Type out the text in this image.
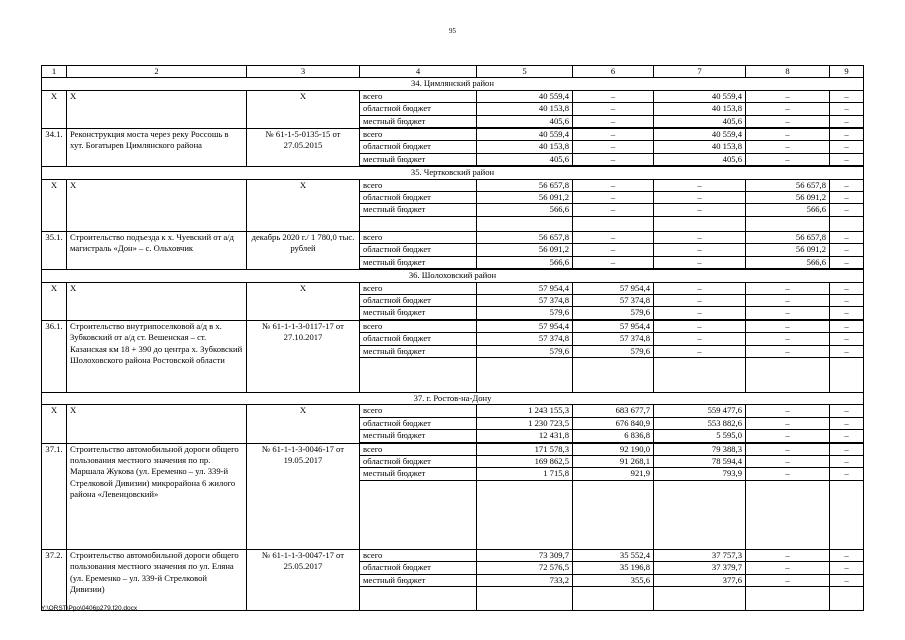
95
1	2	3	4	5	6	7	8	9
34. Цимлянский район								
Х	Х	Х	всего	40 559,4	–	40 559,4	–	–
			областной бюджет	40 153,8	–	40 153,8	–	–
			местный бюджет	405,6	–	405,6	–	–

34.1.	Реконструкция моста через реку Россошь в хут. Богатырев Цимлянского района	№ 61-1-5-0135-15 от 27.05.2015	всего	40 559,4	–	40 559,4	–	–
			областной бюджет	40 153,8	–	40 153,8	–	–
			местный бюджет	405,6	–	405,6	–	–

35. Чертковский район								
Х	Х	Х	всего	56 657,8	–	–	56 657,8	–
			областной бюджет	56 091,2	–	–	56 091,2	–
			местный бюджет	566,6	–	–	566,6	–

35.1.	Строительство подъезда к х. Чуевский от а/д магистраль «Дон» – с. Ольховчик	декабрь 2020 г./ 1 780,0 тыс. рублей	всего	56 657,8	–	–	56 657,8	–
			областной бюджет	56 091,2	–	–	56 091,2	–
			местный бюджет	566,6	–	–	566,6	–

36. Шолоховский район								
Х	Х	Х	всего	57 954,4	57 954,4	–	–	–
			областной бюджет	57 374,8	57 374,8	–	–	–
			местный бюджет	579,6	579,6	–	–	–

36.1.	Строительство внутрипоселковой а/д в х. Зубковский от а/д ст. Вешенская – ст. Казанская км 18 + 390 до центра х. Зубковский Шолоховского района Ростовской области	№ 61-1-1-3-0117-17 от 27.10.2017	всего	57 954,4	57 954,4	–	–	–
			областной бюджет	57 374,8	57 374,8	–	–	–
			местный бюджет	579,6	579,6	–	–	–

37. г. Ростов-на-Дону								
Х	Х	Х	всего	1 243 155,3	683 677,7	559 477,6	–	–
			областной бюджет	1 230 723,5	676 840,9	553 882,6	–	–
			местный бюджет	12 431,8	6 836,8	5 595,0	–	–

37.1.	Строительство автомобильной дороги общего пользования местного значения по пр. Маршала Жукова (ул. Еременко – ул. 339-й Стрелковой Дивизии) микрорайона 6 жилого района «Левенцовский»	№ 61-1-1-3-0046-17 от 19.05.2017	всего	171 578,3	92 190,0	79 388,3	–	–
			областной бюджет	169 862,5	91 268,1	78 594,4	–	–
			местный бюджет	1 715,8	921,9	793,9	–	–

37.2.	Строительство автомобильной дороги общего пользования местного значения по ул. Еляна (ул. Еременко – ул. 339-й Стрелковой Дивизии)	№ 61-1-1-3-0047-17 от 25.05.2017	всего	73 309,7	35 552,4	37 757,3	–	–
			областной бюджет	72 576,5	35 196,8	37 379,7	–	–
			местный бюджет	733,2	355,6	377,6	–	–

Y:\ORST\Ppo\0406p279.f20.docx
